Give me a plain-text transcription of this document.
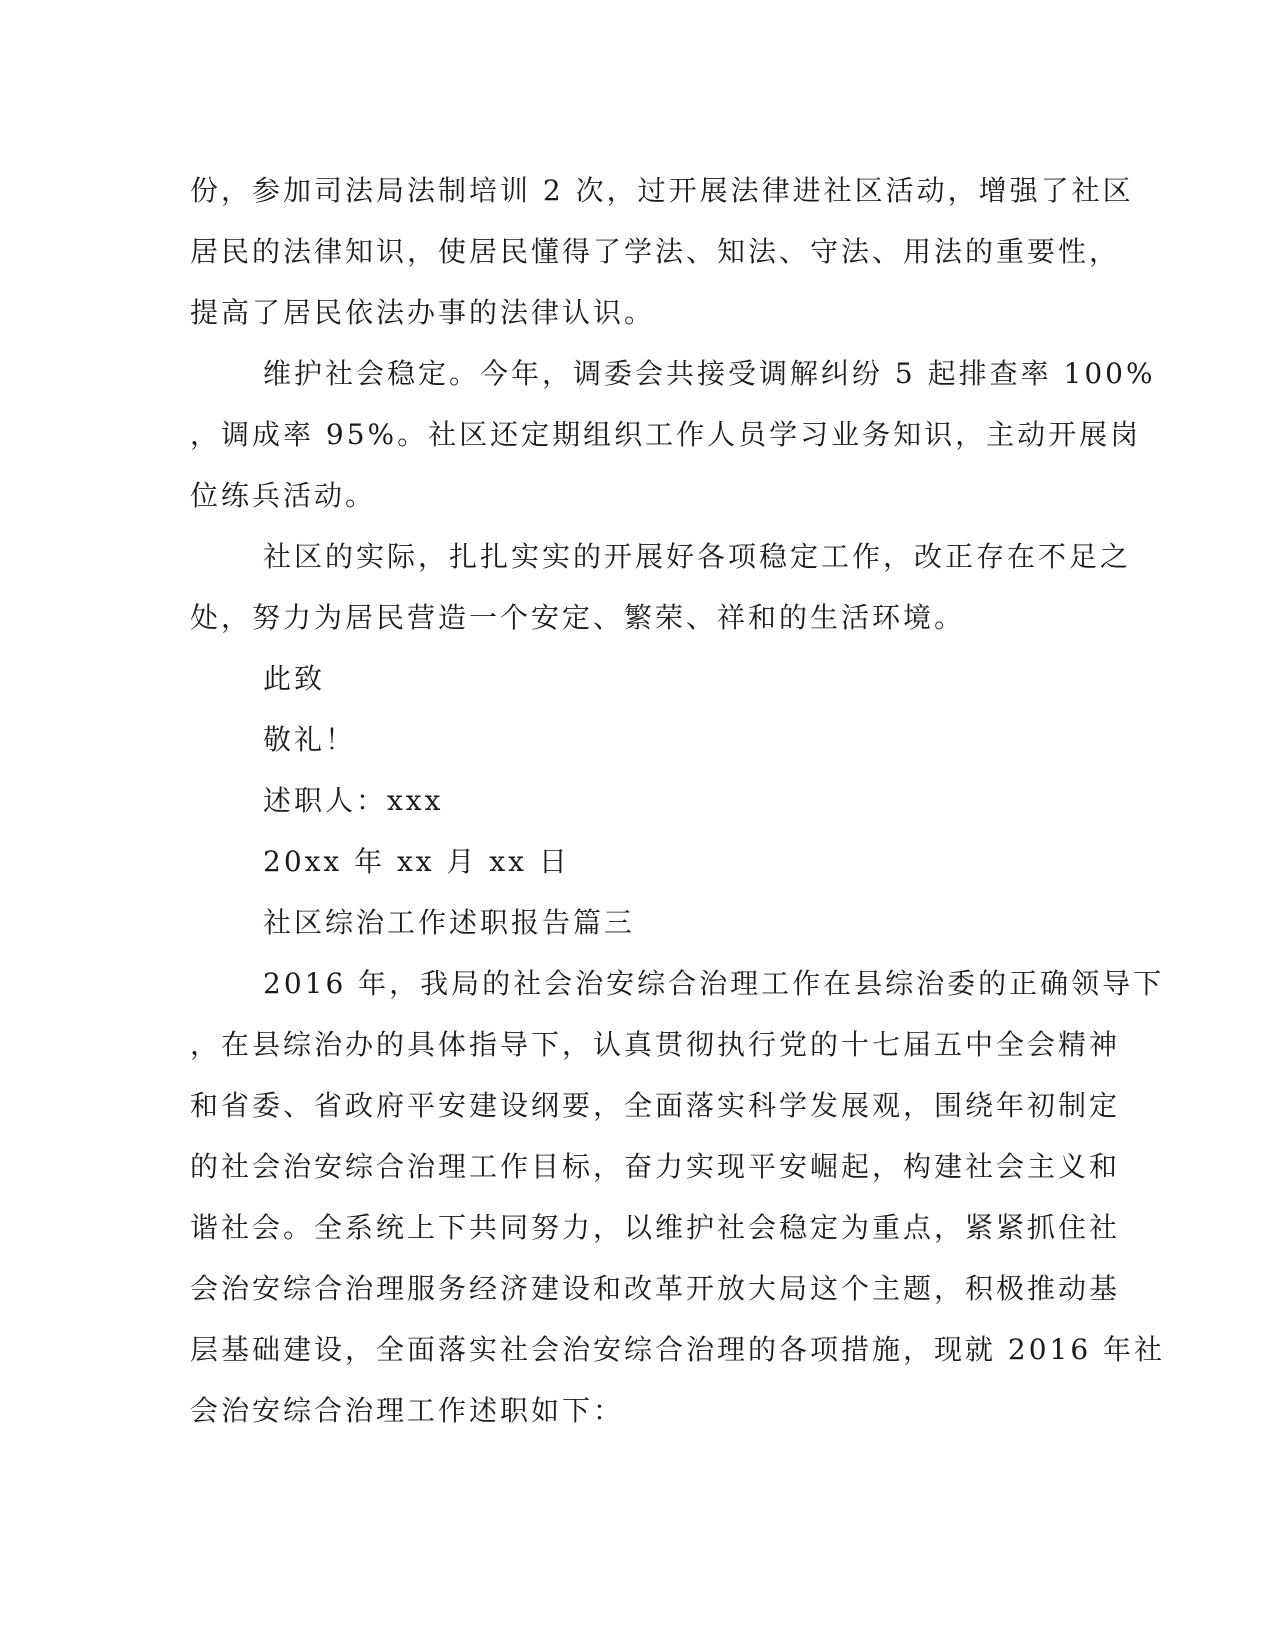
份，参加司法局法制培训 2 次，过开展法律进社区活动，增强了社区
居民的法律知识，使居民懂得了学法、知法、守法、用法的重要性，
提高了居民依法办事的法律认识。
维护社会稳定。今年，调委会共接受调解纠纷 5 起排查率 100%
，调成率 95%。社区还定期组织工作人员学习业务知识，主动开展岗
位练兵活动。
社区的实际，扎扎实实的开展好各项稳定工作，改正存在不足之
处，努力为居民营造一个安定、繁荣、祥和的生活环境。
此致
敬礼！
述职人：xxx
20xx 年 xx 月 xx 日
社区综治工作述职报告篇三
2016 年，我局的社会治安综合治理工作在县综治委的正确领导下
，在县综治办的具体指导下，认真贯彻执行党的十七届五中全会精神
和省委、省政府平安建设纲要，全面落实科学发展观，围绕年初制定
的社会治安综合治理工作目标，奋力实现平安崛起，构建社会主义和
谐社会。全系统上下共同努力，以维护社会稳定为重点，紧紧抓住社
会治安综合治理服务经济建设和改革开放大局这个主题，积极推动基
层基础建设，全面落实社会治安综合治理的各项措施，现就 2016 年社
会治安综合治理工作述职如下：
